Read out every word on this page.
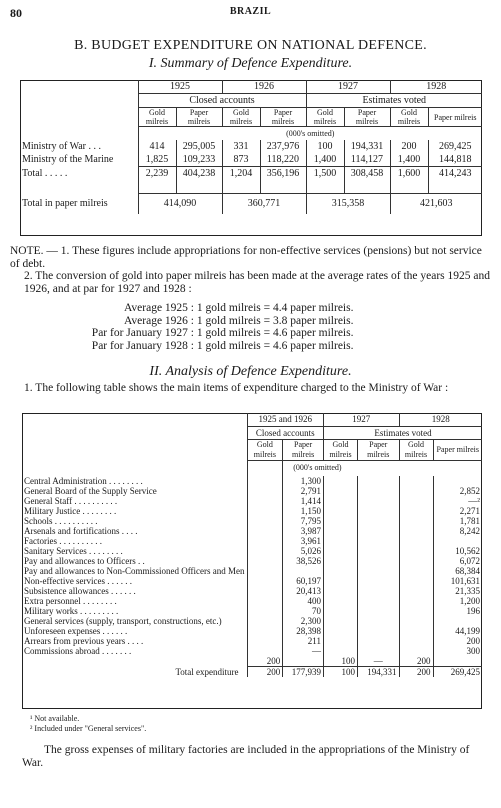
80	BRAZIL
B. BUDGET EXPENDITURE ON NATIONAL DEFENCE.
I. Summary of Defence Expenditure.
	1925		1926		1927		1928	
	Closed accounts				Estimates voted			
	Gold milreis	Paper milreis	Gold milreis	Paper milreis	Gold milreis	Paper milreis	Gold milreis	Paper milreis
	(000's omitted)							
Ministry of War . . .	414	295,005	331	237,976	100	194,331	200	269,425
Ministry of the Marine	1,825	109,233	873	118,220	1,400	114,127	1,400	144,818
Total . . . . .	2,239	404,238	1,204	356,196	1,500	308,458	1,600	414,243

Total in paper milreis	414,090		360,771		315,358		421,603	

NOTE. — 1. These figures include appropriations for non-effective services (pensions) but not service of debt.

2. The conversion of gold into paper milreis has been made at the average rates of the years 1925 and 1926, and at par for 1927 and 1928 :

Average 1925 : 1 gold milreis = 4.4 paper milreis.
Average 1926 : 1 gold milreis = 3.8 paper milreis.
Par for January 1927 : 1 gold milreis = 4.6 paper milreis.
Par for January 1928 : 1 gold milreis = 4.6 paper milreis.
II. Analysis of Defence Expenditure.
1. The following table shows the main items of expenditure charged to the Ministry of War :
	1925 and 1926		1927		1928	
	Closed accounts		Estimates voted			
	Gold milreis	Paper milreis	Gold milreis	Paper milreis	Gold milreis	Paper milreis
		(000's omitted)				
Central Administration . . . . . . . .		1,300				
General Board of the Supply Service		2,791				2,852
General Staff . . . . . . . . . .		1,414				—²
Military Justice . . . . . . . .		1,150				2,271
Schools . . . . . . . . . .		7,795				1,781
Arsenals and fortifications . . . .		3,987				8,242
Factories . . . . . . . . . .		3,961				
Sanitary Services . . . . . . . .		5,026				10,562
Pay and allowances to Officers . .		38,526				6,072
Pay and allowances to Non-Commissioned Officers and Men						68,384
Non-effective services . . . . . .		60,197				101,631
Subsistence allowances . . . . . .		20,413				21,335
Extra personnel . . . . . . . .		400				1,200
Military works . . . . . . . . .		70				196
General services (supply, transport, constructions, etc.)		2,300				
Unforeseen expenses . . . . . .		28,398				44,199
Arrears from previous years . . . .		211				200
Commissions abroad . . . . . . .		—				300
	200		100	—	200	
Total expenditure	200	177,939	100	194,331	200	269,425
¹ Not available.
² Included under "General services".

The gross expenses of military factories are included in the appropriations of the Ministry of War.
